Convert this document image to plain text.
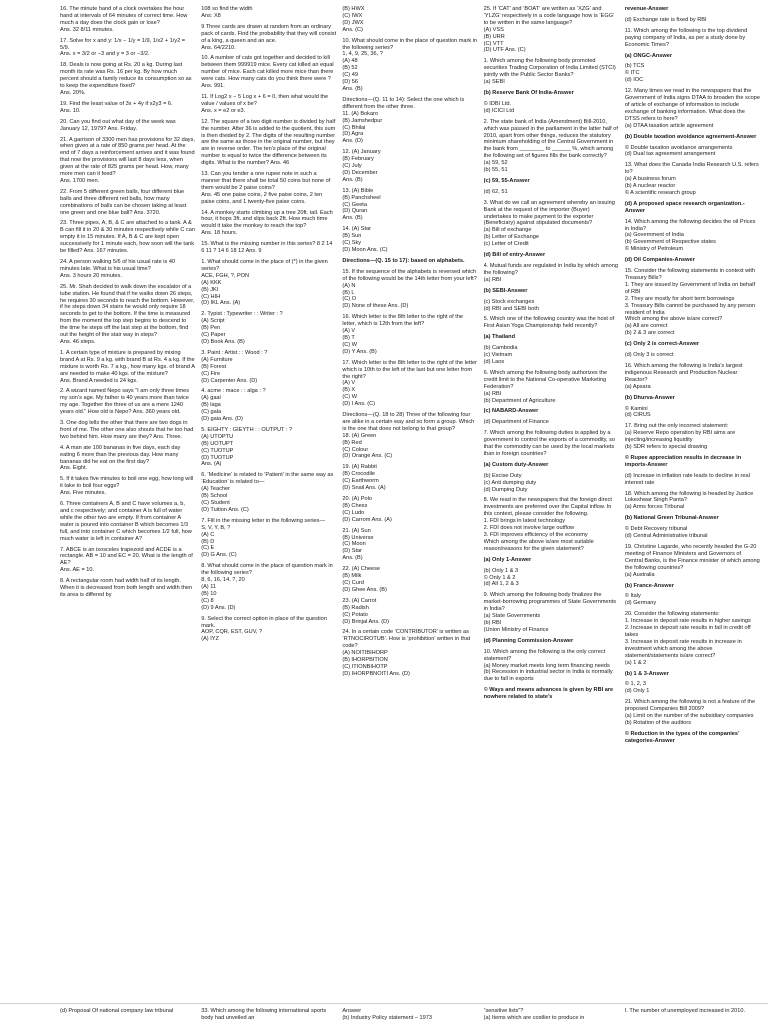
16. The minute hand of a clock overtakes the hour hand at intervals of 64 minutes of correct time. How much a day does the clock gain or lose?
Ans. 32 8/11 minutes.

17. Solve for x and y: 1/x − 1/y = 1/9, 1/x2 + 1/y2 = 5/9.
Ans. x = 3/2 or −3 and y = 3 or −3/2.

18. Deals is now going at Rs. 20 a kg. During last month its rate was Rs. 16 per kg. By how much percent should a family reduce its consumption so as to keep the expenditure fixed?
Ans. 20%.

19. Find the least value of 3x + 4y if x2y3 = 6.
Ans. 10.

20. Can you find out what day of the week was January 12, 1979? Ans. Friday.

21. A garrison of 3300 men has provisions for 32 days, when given at a rate of 850 grams per head. At the end of 7 days a reinforcement arrives and it was found that now the provisions will last 8 days less, when given at the rate of 825 grams per head. How, many more men can it feed?
Ans. 1700 men.

22. From 5 different green balls, four different blue balls and three different red balls, how many combinations of balls can be chosen taking at least one green and one blue ball? Ans. 3720.

23. Three pipes, A, B, & C are attached to a tank. A & B can fill it in 20 & 30 minutes respectively while C can empty it in 15 minutes. If A, B & C are kept open successively for 1 minute each, how soon will the tank be filled? Ans. 167 minutes.

24. A person walking 5/6 of his usual rate is 40 minutes late. What is his usual time?
Ans. 3 hours 20 minutes.

25. Mr. Shah decided to walk down the escalator of a tube station. He found that if he walks down 26 steps, he requires 30 seconds to reach the bottom. However, if he steps down 34 stairs he would only require 18 seconds to get to the bottom. If the time is measured from the moment the top step begins to descend to the time he steps off the last step at the bottom, find out the height of the stair way in steps?
Ans. 46 steps.

1. A certain type of mixture is prepared by mixing brand A at Rs. 9 a kg. with brand B at Rs. 4 a kg. If the mixture is worth Rs. 7 a kg., how many kgs. of brand A are needed to make 40 kgs. of the mixture?
Ans. Brand A needed is 24 kgs.

2. A wizard named Nepo says “I am only three times my son’s age. My father is 40 years more than twice my age. Together the three of us are a mere 1240 years old.” How old is Nepo? Ans. 360 years old.

3. One dog tells the other that there are two dogs in front of me. The other one also shouts that he too had two behind him. How many are they? Ans. Three.

4. A man ate 100 bananas in five days, each day eating 6 more than the previous day. How many bananas did he eat on the first day?
Ans. Eight.

5. If it takes five minutes to boil one egg, how long will it take to boil four eggs?
Ans. Five minutes.

6. Three containers A, B and C have volumes a, b, and c respectively; and container A is full of water while the other two are empty. If from container A water is poured into container B which becomes 1/3 full, and into container C which becomes 1/2 full, how much water is left in container A?

7. ABCE is an isosceles trapezoid and ACDE is a rectangle. AB = 10 and EC = 20. What is the length of AE?
Ans. AE = 10.

8. A rectangular room had width half of its length. When it is decreased from both length and width then its area is differed by

108 so find the width
Ans: X8

9 Three cards are drawn at random from an ordinary pack of cards. Find the probability that they will consist of a king, a queen and an ace.
Ans. 64/2210.

10. A number of cats got together and decided to kill between them 999919 mice. Every cat killed an equal number of mice. Each cat killed more mice than there were cats. How many cats do you think there were ? Ans. 991.

11. If Log2 x − 5 Log x + 6 = 0, then what would the value / values of x be?
Ans. x = e2 or e3.

12. The square of a two digit number is divided by half the number. After 36 is added to the quotient, this sum is then divided by 2. The digits of the resulting number are the same as those in the original number, but they are in reverse order. The ten’s place of the original number is equal to twice the difference between its digits. What is the number? Ans. 46

13. Can you tender a one rupee note in such a manner that there shall be total 50 coins but none of them would be 2 paise coins?
Ans. 45 one paise coins, 2 five paise coins, 2 ten paise coins, and 1 twenty-five paise coins.

14. A monkey starts climbing up a tree 20ft. tall. Each hour, it hops 3ft. and slips back 2ft. How much time would it take the monkey to reach the top?
Ans. 18 hours.

15. What is the missing number in this series? 8 2 14 6 11 ? 14 6 18 12 Ans. 9

1. What should come in the place of (*) in the given series?
ACE, FGH, ?, PON
(A) KKK
(B) JKI
(C) HIH
(D) IKL Ans. (A)

2. Typist : Typewriter : : Writer : ?
(A) Script
(B) Pen
(C) Paper
(D) Book Ans. (B)

3. Paint : Artist : : Wood : ?
(A) Furniture
(B) Forest
(C) Fire
(D) Carpenter Ans. (D)

4. acme : mace : : alga : ?
(A) gaal
(B) laga
(C) gala
(D) gaia Ans. (D)

5. EIGHTY : GIEYTH : : OUTPUT : ?
(A) UTOPTU
(B) UOTUPT
(C) TUOTUP
(D) TUOTUP
Ans. (A)

6. ‘Medicine’ is related to ‘Patient’ in the same way as ‘Education’ is related to—
(A) Teacher
(B) School
(C) Student
(D) Tuition Ans. (C)

7. Fill in the missing letter in the following series—
S, V, Y, B, ?
(A) C
(B) D
(C) E
(D) G Ans. (C)

8. What should come in the place of question mark in the following series?
8, 6, 16, 14, ?, 20
(A) 11
(B) 10
(C) 8
(D) 9 Ans. (D)

9. Select the correct option in place of the question mark.
AOP, CQR, EST, GUV, ?
(A) IYZ

(B) HWX
(C) IWX
(D) JWX
Ans. (C)

10. What should come in the place of question mark in the following series?
1, 4, 9, 25, 36, ?
(A) 48
(B) 52
(C) 49
(D) 56
Ans. (B)

Directions—(Q. 11 to 14): Select the one which is different from the other three.
11. (A) Bokaro
(B) Jamshedpur
(C) Bhilai
(D) Agra
Ans. (D)

12. (A) January
(B) February
(C) July
(D) December
Ans. (B)

13. (A) Bible
(B) Panchsheel
(C) Geeta
(D) Quran
Ans. (B)

14. (A) Star
(B) Sun
(C) Sky
(D) Moon Ans. (C)

Directions—(Q. 15 to 17): based on alphabets.

15. If the sequence of the alphabets is reversed which of the following would be the 14th letter from your left?
(A) N
(B) L
(C) O
(D) None of these Ans. (D)

16. Which letter is the 8th letter to the right of the letter, which is 12th from the left?
(A) V
(B) T
(C) W
(D) Y Ans. (B)

17. Which letter is the 8th letter to the right of the letter which is 10th to the left of the last but one letter from the right?
(A) V
(B) X
(C) W
(D) I Ans. (C)

Directions—(Q. 18 to 28) Three of the following four are alike in a certain way and so form a group. Which is the one that does not belong to that group?
18. (A) Green
(B) Red
(C) Colour
(D) Orange Ans. (C)

19. (A) Rabbit
(B) Crocodile
(C) Earthworm
(D) Snail Ans. (A)

20. (A) Polo
(B) Chess
(C) Ludo
(D) Carrom Ans. (A)

21. (A) Sun
(B) Universe
(C) Moon
(D) Star
Ans. (B)

22. (A) Cheese
(B) Milk
(C) Curd
(D) Ghee Ans. (B)

23. (A) Carrot
(B) Radish
(C) Potato
(D) Brinjal Ans. (D)

24. In a certain code ‘CONTRIBUTOR’ is written as ‘RTNOCIROTUB’. How is ‘prohibition’ written in that code?
(A) NOITIBIHORP
(B) IHORPBITION
(C) ITIONBIHOTP
(D) IHORPBNOITI Ans. (D)

25. If ‘CAT’ and ‘BOAT’ are written as ‘XZG’ and ‘YLZG’ respectively in a code language how is ‘EGG’ to be written in the same language?
(A) VSS
(B) URR
(C) VTT
(D) UTF Ans. (C)

1. Which among the following body promoted securities Trading Corporation of India Limited (STCI) jointly with the Public Sector Banks?
(a) SEBI

(b) Reserve Bank Of India-Answer

© IDBI Ltd.
(d) ICICI Ltd

2. The state bank of India (Amendment) Bill-2010, which was passed in the parliament in the latter half of 2010, apart from other things, reduces the statutory minimum shareholding of the Central Government in the bank from ________ to ______ %, which among the following set of figures fills the bank correctly?
(a) 59, 52
(b) 55, 51

(c) 59, 55-Answer

(d) 62, 51

3. What do we call an agreement whereby an issuing Bank at the request of the importer (Buyer) undertakes to make payment to the exporter (Beneficiary) against stipulated documents?
(a) Bill of exchange
(b) Letter of Exchange
(c) Letter of Credit

(d) Bill of entry-Answer

4. Mutual funds are regulated in India by which among the following?
(a) RBI

(b) SEBI-Answer

(c) Stock exchanges
(d) RBI and SEBI both

5. Which one of the following country was the host of First Asian Yoga Championship held recently?

(a) Thailand

(b) Cambodia
(c) Vietnam
(d) Laos

6. Which among the following body authorizes the credit limit to the National Co-operative Marketing Federation?
(a) RBI
(b) Department of Agriculture

(c) NABARD-Answer

(d) Department of Finance

7. Which among the following duties is applied by a government to control the exports of a commodity, so that the commodity can be used by the local markets than in foreign countries?

(a) Custom duty-Answer

(b) Excise Duty
(c) Anti dumping duty
(d) Dumping Duty

8. We read in the newspapers that the foreign direct investments are preferred over the Capital inflow. In this context, please consider the following.
1. FDI brings in latest technology
2. FDI does not involve large outflow
3. FDI improves efficiency of the economy
Which among the above is/are most suitable reason/reasons for the given statement?

(a) Only 1-Answer

(b) Only 1 & 3
© Only 1 & 2
(d) All 1, 2 & 3

9. Which among the following body finalizes the market-borrowing programmes of State Governments in India?
(a) State Governments
(b) RBI
(Union Ministry of Finance

(d) Planning Commission-Answer

10. Which among the following is the only correct statement?
(a) Money market meets long term financing needs
(b) Recession in industrial sector in India is normally due to fall in exports

© Ways and means advances is given by RBI are nowhere related to state’s

revenue-Answer

(d) Exchange rate is fixed by RBI

11. Which among the following is the top dividend paying company of India, as per a study done by Economic Times?

(a) ONGC-Answer

(b) TCS
© ITC
(d) IOC

12. Many times we read in the newspapers that the Government of India signs DTAA to broaden the scope of article of exchange of information to include exchange of banking information. What does the DTSS refers to here?
(a) DTAA taxation article agreement

(b) Double taxation avoidance agreement-Answer

© Double taxation avoidance arrangements
(d) Dual tax agreement arrangement

13. What does the Canada India Research U.S. refers to?
(a) A business forum
(b) A nuclear reactor
© A scientific research group

(d) A proposed space research organization.-Answer

14. Which among the following decides the oil Prices in India?
(a) Government of India
(b) Government of Respective states
© Ministry of Petroleum

(d) Oil Companies-Answer

15. Consider the following statements in context with Treasury Bills?
1. They are issued by Government of India on behalf of RBI
2. They are mostly for short term borrowings
3. Treasury Bills cannot be purchased by any person resident of India
Which among the above is/are correct?
(a) All are correct
(b) 2 & 3 are correct

(c) Only 2 is correct-Answer

(d) Only 3 is correct

16. Which among the following is India’s largest indigenous Research and Production Nuclear Reactor?
(a) Apsara

(b) Dhurva-Answer

© Kamini
(d) CIRUS

17. Bring out the only incorrect statement:
(a) Reserve Repo operation by RBI aims are injecting/increasing liquidity
(b) SDR refers to special drawing

© Rupee appreciation results in decrease in imports-Answer

(d) Increase in inflation rate leads to decline in real interest rate

18. Which among the following is headed by Justice Lokeshwar Singh Panta?
(a) Arms forces Tribunal

(b) National Green Tribunal-Answer

© Debt Recovery tribunal
(d) Central Administrative tribunal

19. Christine Lagarde, who recently headed the G-20 meeting of Finance Ministers and Governors of Central Banks, is the Finance minister of which among the following countries?
(a) Australia

(b) France-Answer

© Italy
(d) Germany

20. Consider the following statements:
1. Increase in deposit rate results in higher savings
2. Increase in deposit rate results in fall in credit off takes
3. Increase in deposit rate results in increase in investment which among the above statement/statements is/are correct?
(a) 1 & 2

(b) 1 & 3-Answer

© 1, 2, 3
(d) Only 1

21. Which among the following is not a feature of the proposed Companies Bill 2009?
(a) Limit on the number of the subsidiary companies
(b) Rotation of the auditors

© Reduction in the types of the companies’ categories-Answer

(d) Proposal Of national company law tribunal	33. Which among the following international sports body had unveiled an
Answer
(b) Industry Policy statement – 1973
“sensitive lists”?
(a) Items which are costlier to produce in
I. The number of unemployed increased in 2010.
